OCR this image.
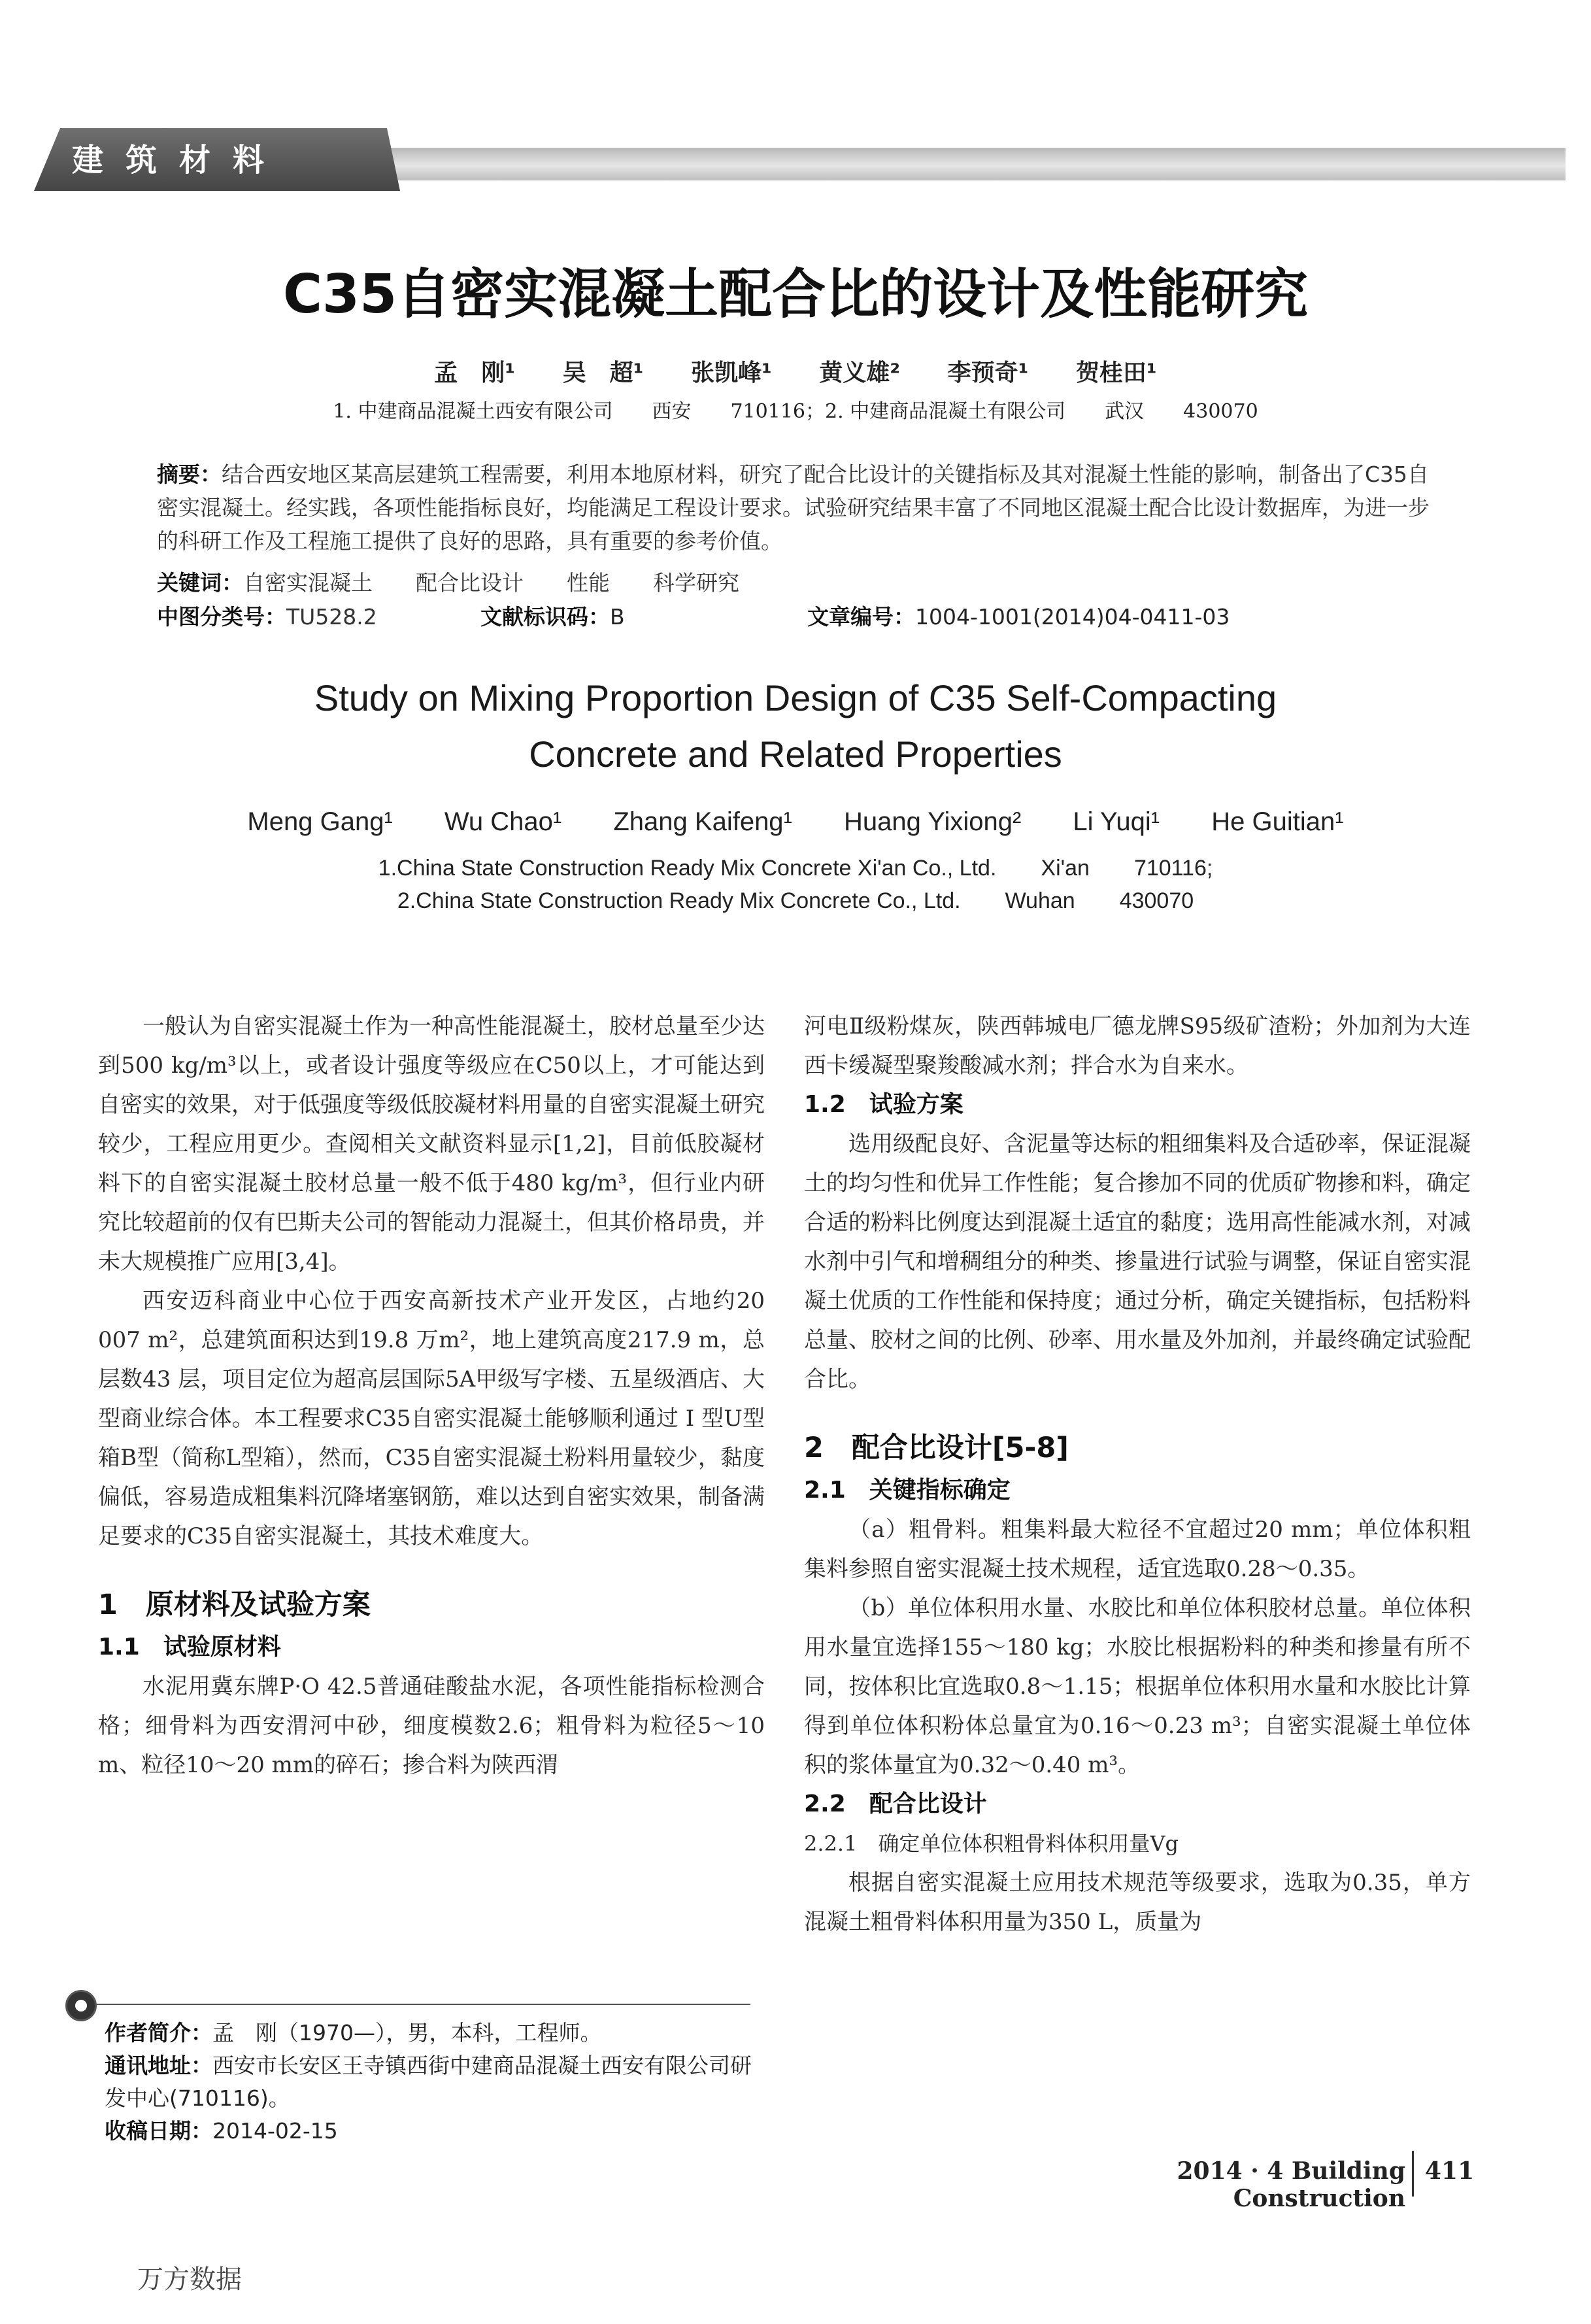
建筑材料
C35自密实混凝土配合比的设计及性能研究
孟　刚¹ 吴　超¹ 张凯峰¹ 黄义雄² 李预奇¹ 贺桂田¹
1. 中建商品混凝土西安有限公司　　西安　　710116；2. 中建商品混凝土有限公司　　武汉　　430070
摘要：结合西安地区某高层建筑工程需要，利用本地原材料，研究了配合比设计的关键指标及其对混凝土性能的影响，制备出了C35自密实混凝土。经实践，各项性能指标良好，均能满足工程设计要求。试验研究结果丰富了不同地区混凝土配合比设计数据库，为进一步的科研工作及工程施工提供了良好的思路，具有重要的参考价值。
关键词：自密实混凝土　　配合比设计　　性能　　科学研究
中图分类号：TU528.2	文献标识码：B	文章编号：1004-1001(2014)04-0411-03
Study on Mixing Proportion Design of C35 Self-Compacting
Concrete and Related Properties
Meng Gang¹ Wu Chao¹ Zhang Kaifeng¹ Huang Yixiong² Li Yuqi¹ He Guitian¹
1.China State Construction Ready Mix Concrete Xi'an Co., Ltd.　　Xi'an　　710116;
2.China State Construction Ready Mix Concrete Co., Ltd.　　Wuhan　　430070

一般认为自密实混凝土作为一种高性能混凝土，胶材总量至少达到500 kg/m³以上，或者设计强度等级应在C50以上，才可能达到自密实的效果，对于低强度等级低胶凝材料用量的自密实混凝土研究较少，工程应用更少。查阅相关文献资料显示[1,2]，目前低胶凝材料下的自密实混凝土胶材总量一般不低于480 kg/m³，但行业内研究比较超前的仅有巴斯夫公司的智能动力混凝土，但其价格昂贵，并未大规模推广应用[3,4]。

西安迈科商业中心位于西安高新技术产业开发区，占地约20 007 m²，总建筑面积达到19.8 万m²，地上建筑高度217.9 m，总层数43 层，项目定位为超高层国际5A甲级写字楼、五星级酒店、大型商业综合体。本工程要求C35自密实混凝土能够顺利通过 I 型U型箱B型（简称L型箱），然而，C35自密实混凝土粉料用量较少，黏度偏低，容易造成粗集料沉降堵塞钢筋，难以达到自密实效果，制备满足要求的C35自密实混凝土，其技术难度大。

1　原材料及试验方案
1.1　试验原材料

水泥用冀东牌P·O 42.5普通硅酸盐水泥，各项性能指标检测合格；细骨料为西安渭河中砂，细度模数2.6；粗骨料为粒径5～10 m、粒径10～20 mm的碎石；掺合料为陕西渭

河电Ⅱ级粉煤灰，陕西韩城电厂德龙牌S95级矿渣粉；外加剂为大连西卡缓凝型聚羧酸减水剂；拌合水为自来水。

1.2　试验方案

选用级配良好、含泥量等达标的粗细集料及合适砂率，保证混凝土的均匀性和优异工作性能；复合掺加不同的优质矿物掺和料，确定合适的粉料比例度达到混凝土适宜的黏度；选用高性能减水剂，对减水剂中引气和增稠组分的种类、掺量进行试验与调整，保证自密实混凝土优质的工作性能和保持度；通过分析，确定关键指标，包括粉料总量、胶材之间的比例、砂率、用水量及外加剂，并最终确定试验配合比。

2　配合比设计[5-8]
2.1　关键指标确定

（a）粗骨料。粗集料最大粒径不宜超过20 mm；单位体积粗集料参照自密实混凝土技术规程，适宜选取0.28～0.35。

（b）单位体积用水量、水胶比和单位体积胶材总量。单位体积用水量宜选择155～180 kg；水胶比根据粉料的种类和掺量有所不同，按体积比宜选取0.8～1.15；根据单位体积用水量和水胶比计算得到单位体积粉体总量宜为0.16～0.23 m³；自密实混凝土单位体积的浆体量宜为0.32～0.40 m³。

2.2　配合比设计
2.2.1　确定单位体积粗骨料体积用量Vg

根据自密实混凝土应用技术规范等级要求，选取为0.35，单方混凝土粗骨料体积用量为350 L，质量为

作者简介：孟　刚（1970—），男，本科，工程师。
通讯地址：西安市长安区王寺镇西街中建商品混凝土西安有限公司研发中心(710116)。
收稿日期：2014-02-15
2014 · 4 Building Construction
411
万方数据
